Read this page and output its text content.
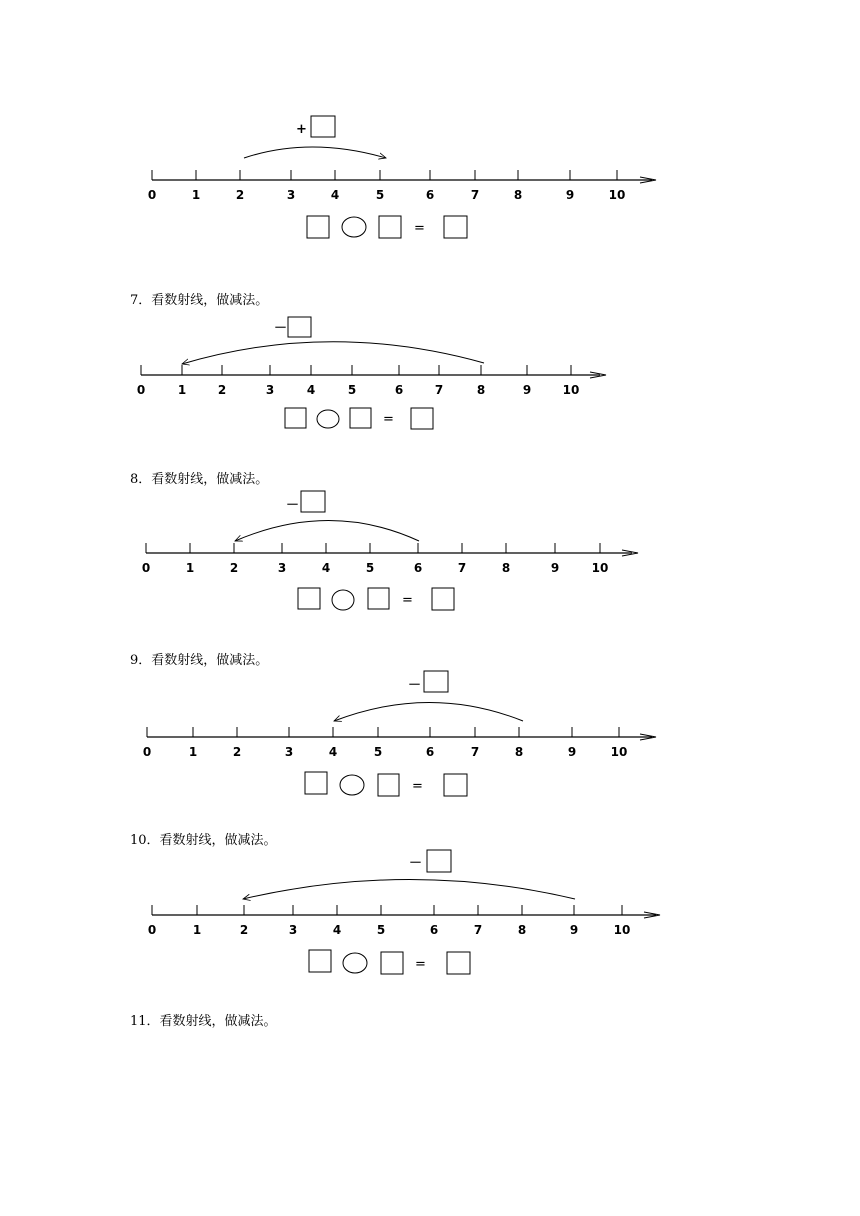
7．看数射线，做减法。
8．看数射线，做减法。
9．看数射线，做减法。
10．看数射线，做减法。
11．看数射线，做减法。
0	1	2	3	4	5	6	7	8	9	10
+
=
0	1	2	3	4	5	6	7	8	9	10
－
=
0	1	2	3	4	5	6	7	8	9	10
－
=
0	1	2	3	4	5	6	7	8	9	10
－
=
0	1	2	3	4	5	6	7	8	9	10
－
=
